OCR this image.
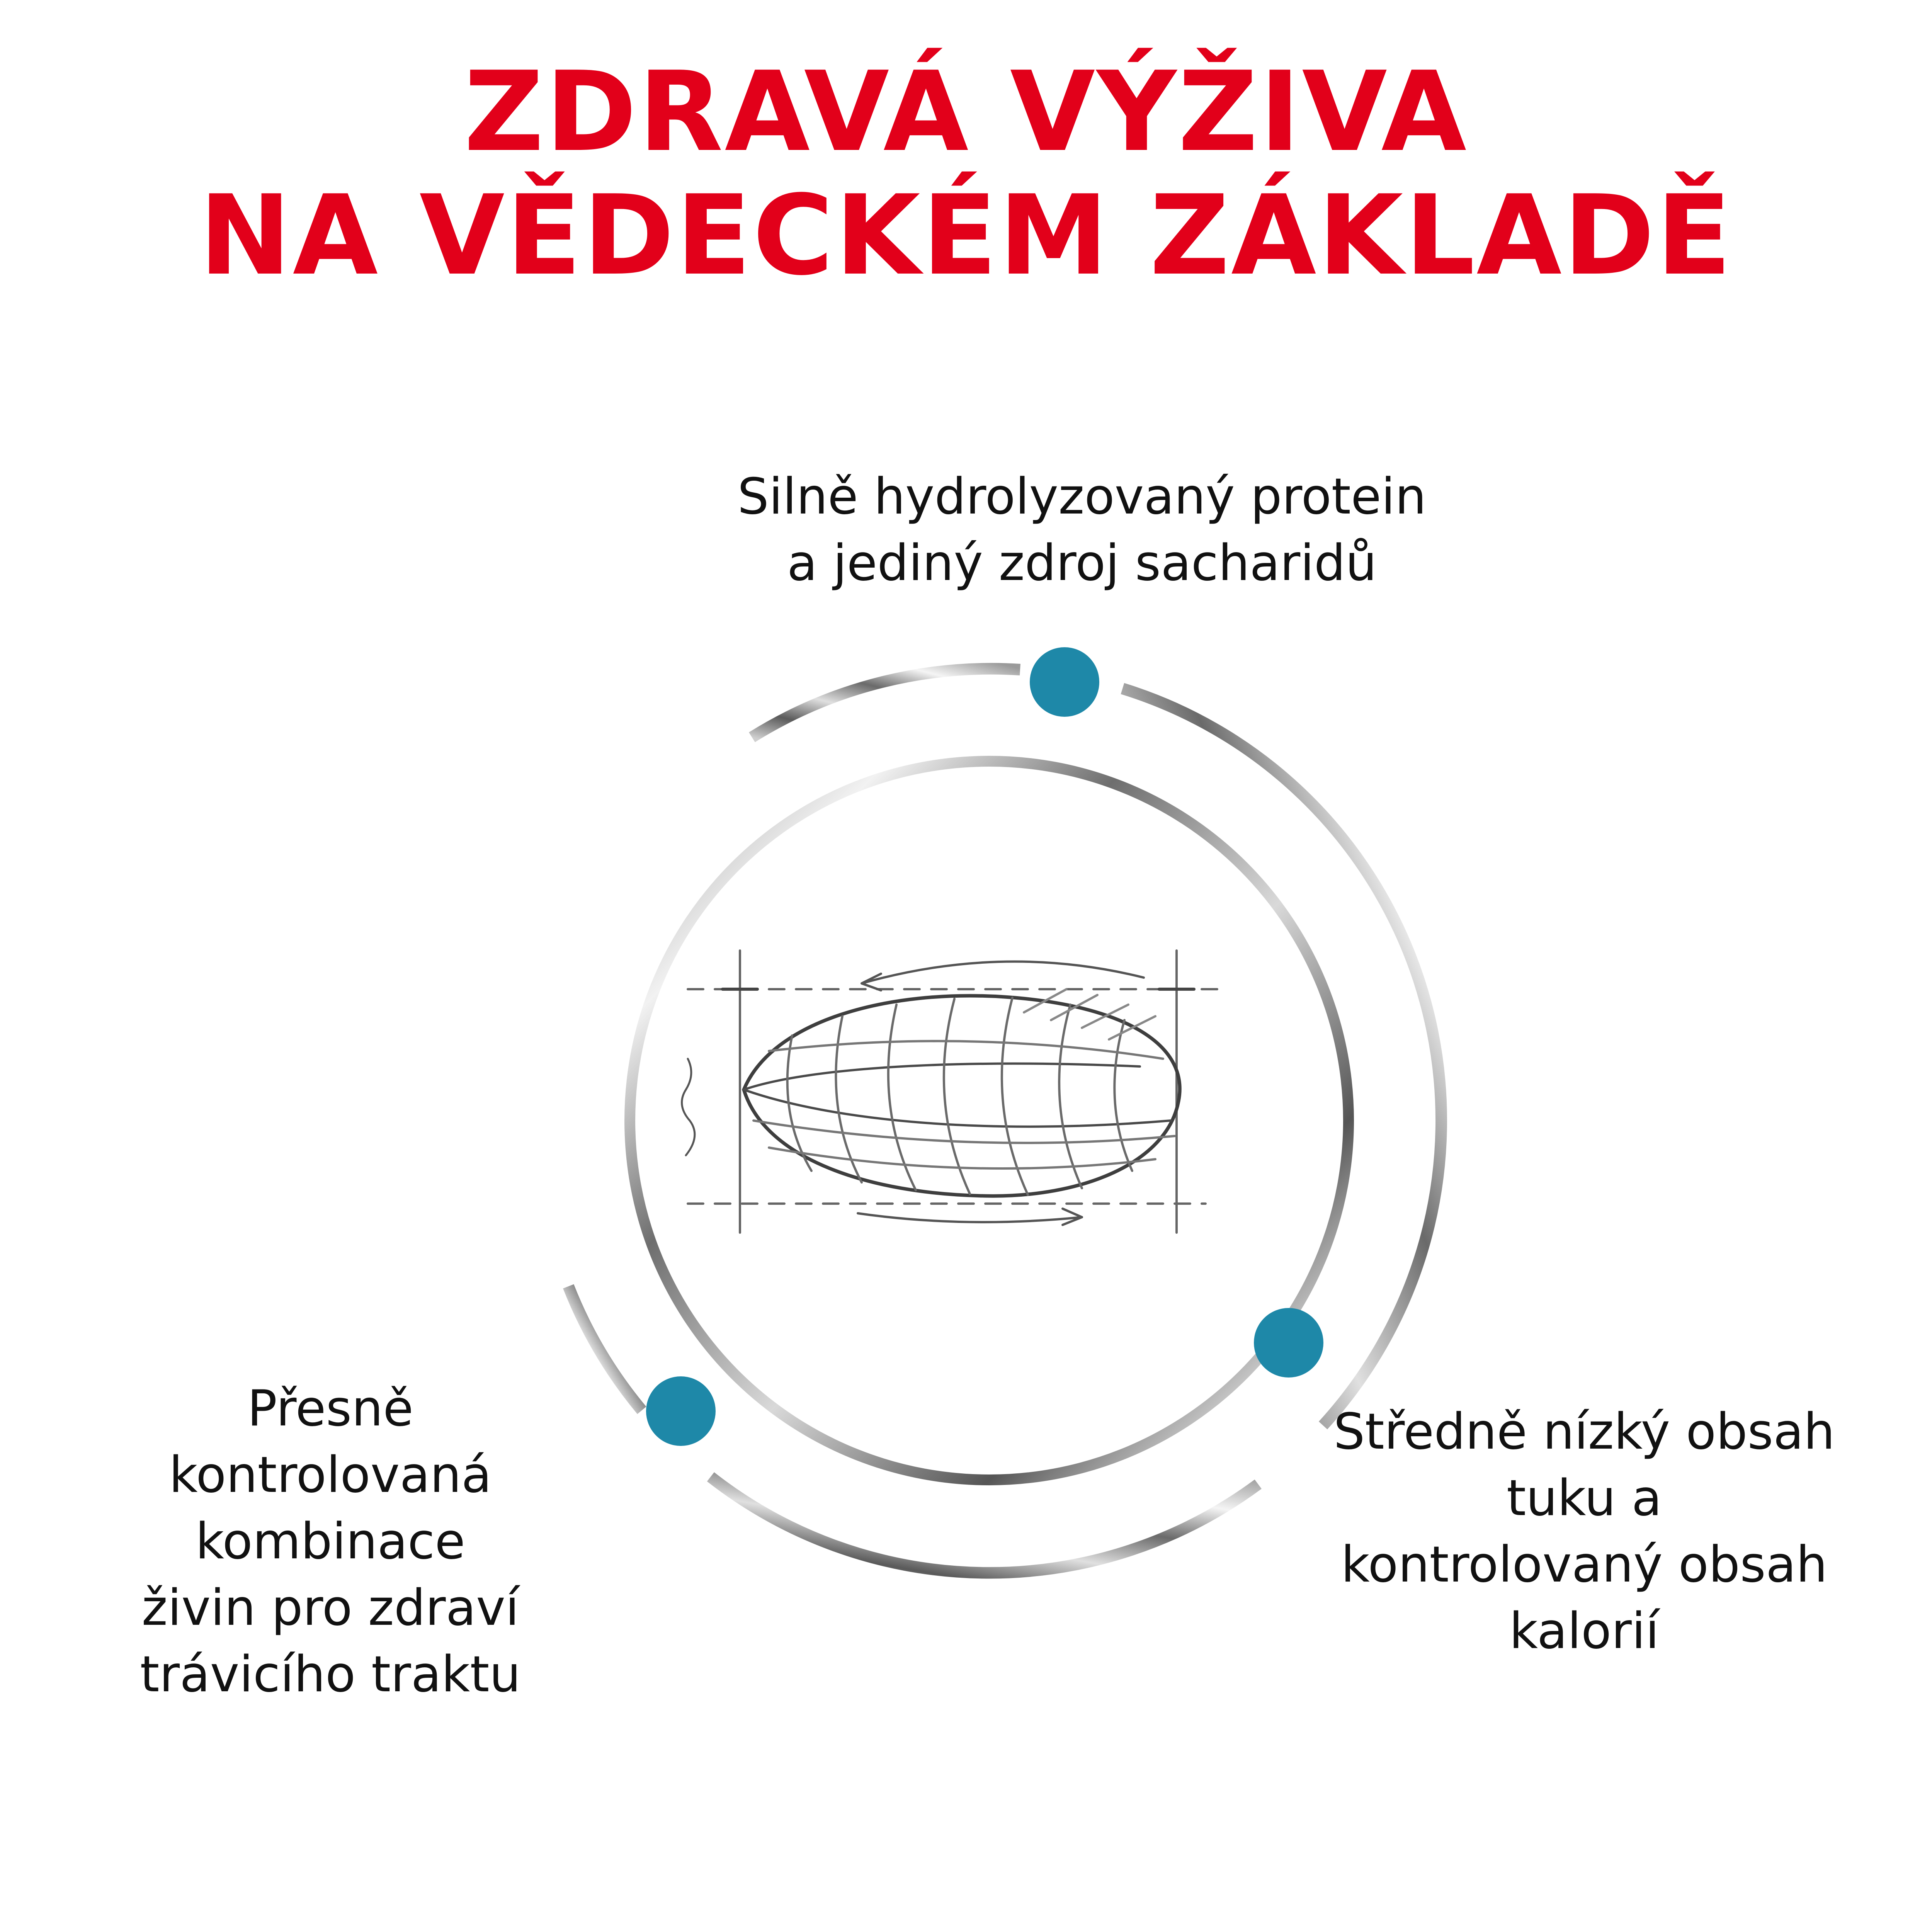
ZDRAVÁ VÝŽIVA
NA VĚDECKÉM ZÁKLADĚ
Silně hydrolyzovaný protein
a jediný zdroj sacharidů
Přesně
kontrolovaná
kombinace
živin pro zdraví
trávicího traktu
Středně nízký obsah
tuku a
kontrolovaný obsah
kalorií
